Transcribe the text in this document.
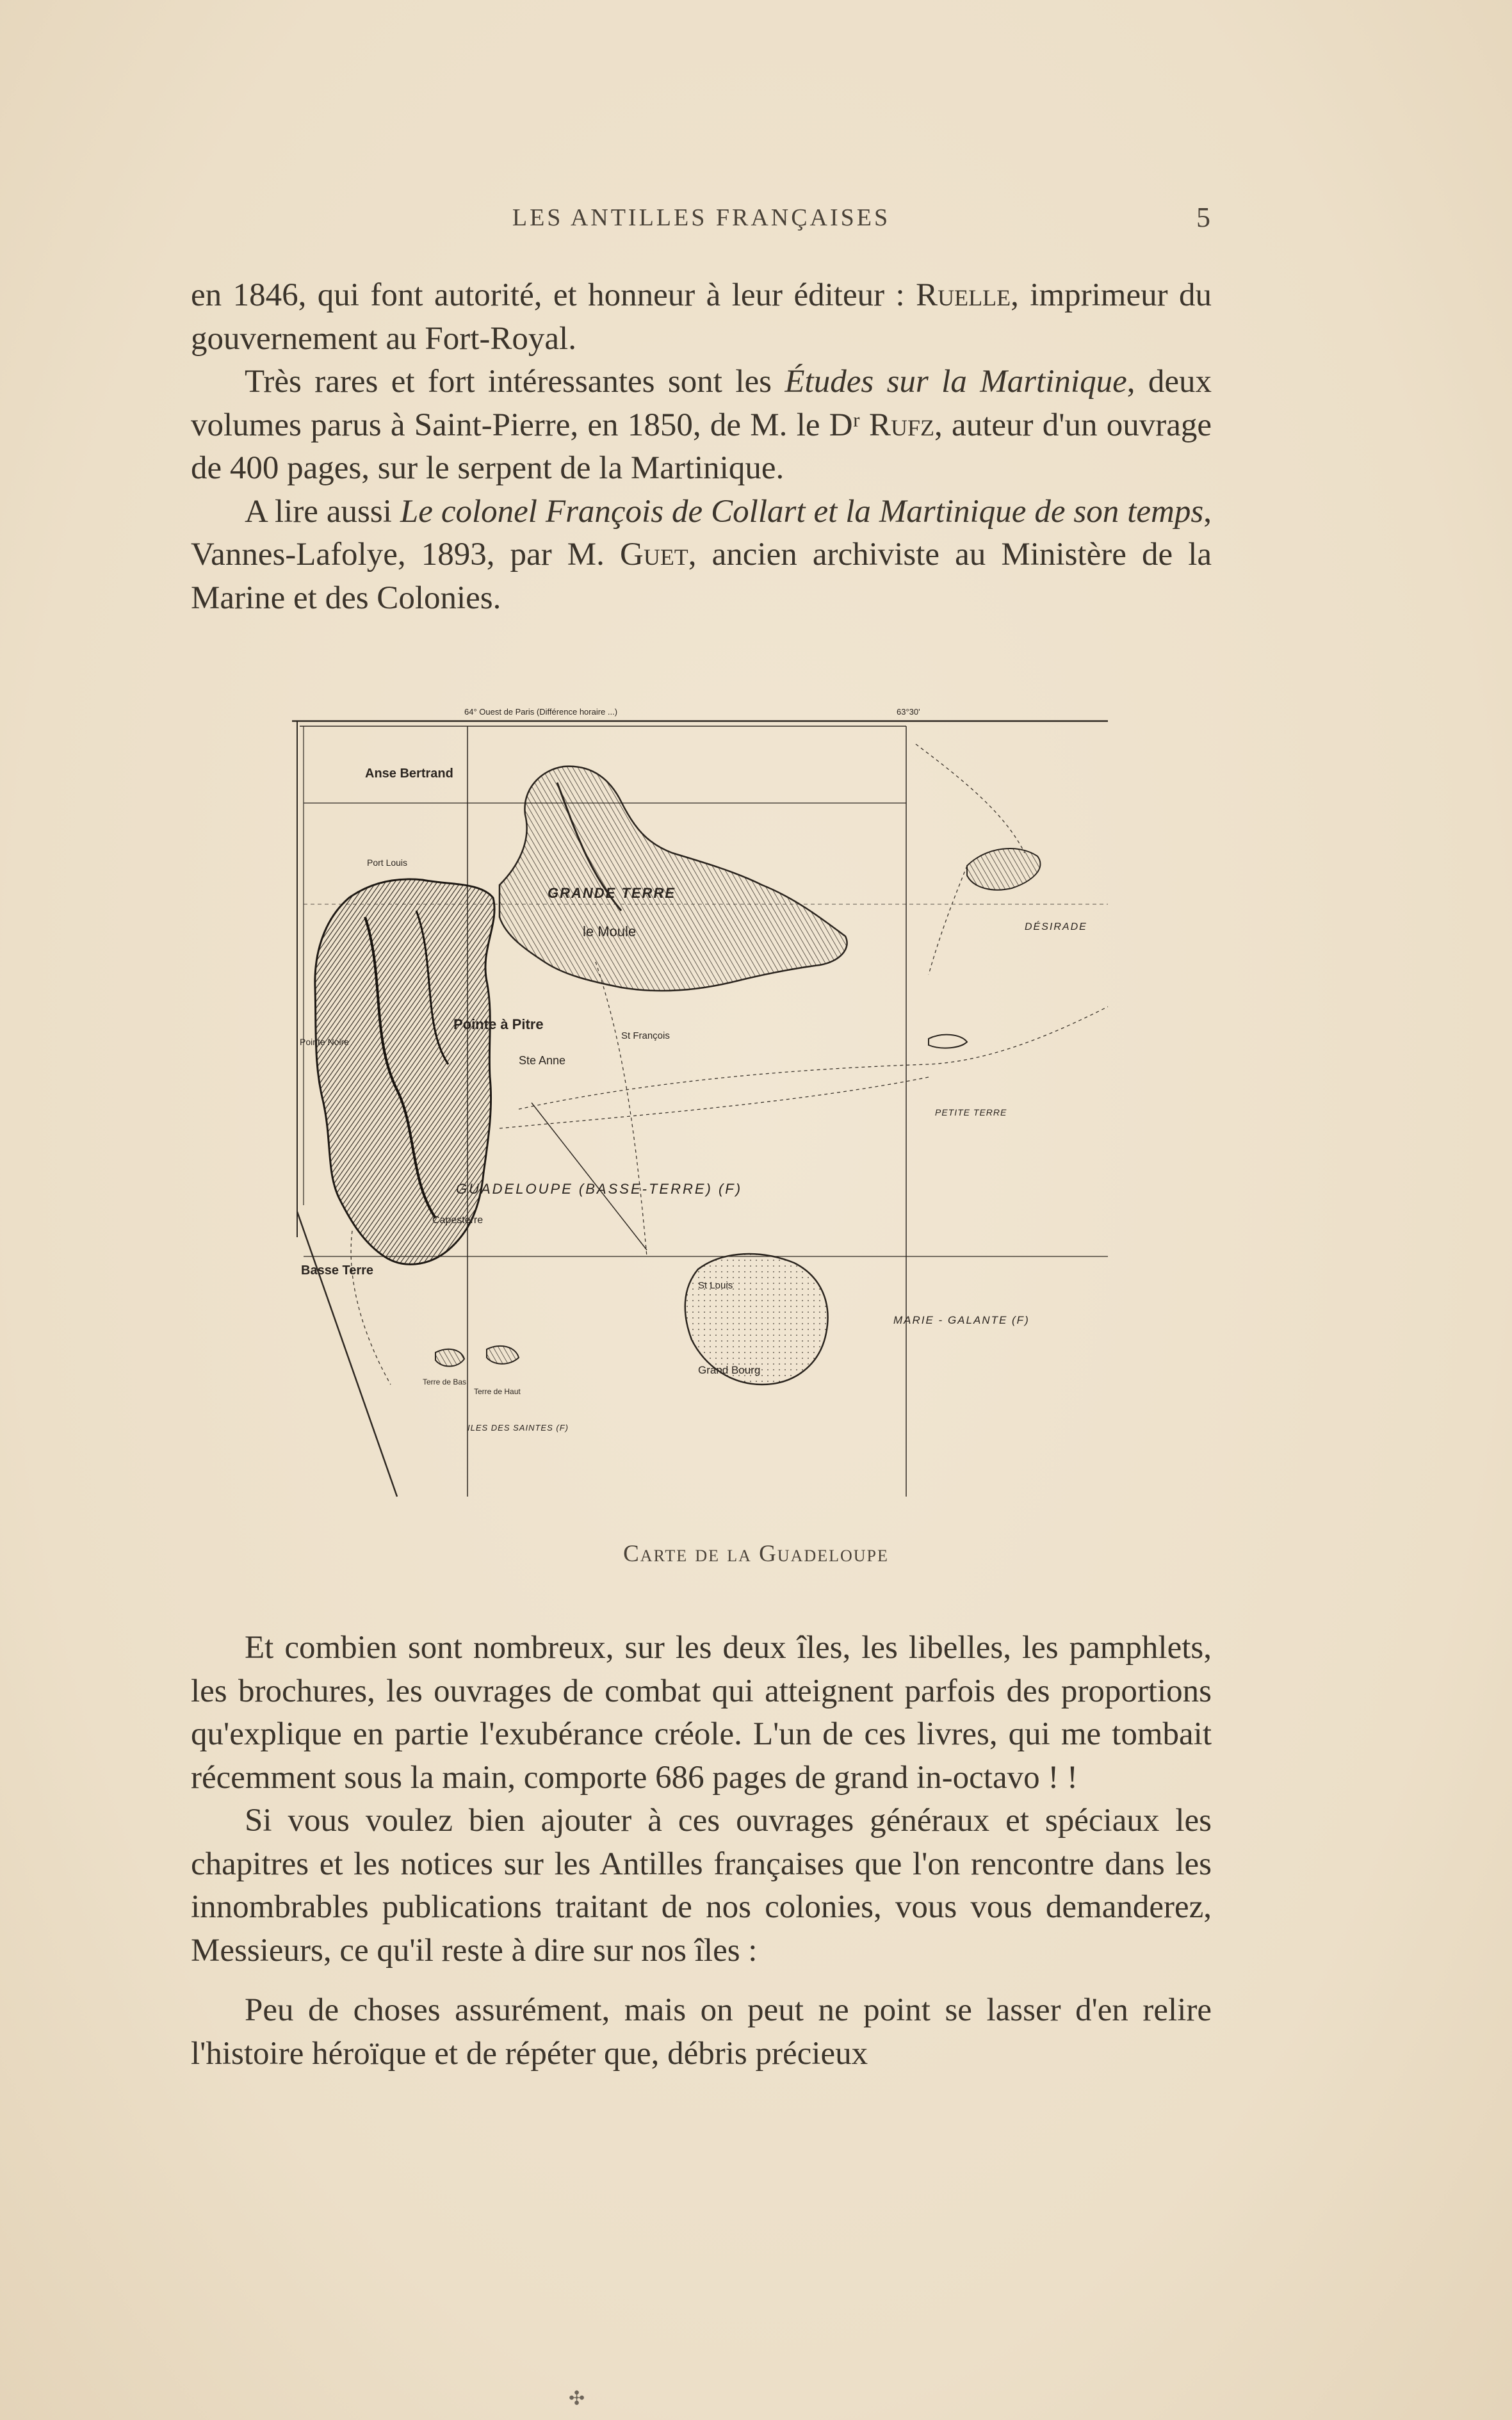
LES ANTILLES FRANÇAISES	5

en 1846, qui font autorité, et honneur à leur éditeur : Ruelle, imprimeur du gouvernement au Fort-Royal.

Très rares et fort intéressantes sont les Études sur la Martinique, deux volumes parus à Saint-Pierre, en 1850, de M. le Dʳ Rufz, auteur d'un ouvrage de 400 pages, sur le serpent de la Martinique.

A lire aussi Le colonel François de Collart et la Martinique de son temps, Vannes-Lafolye, 1893, par M. Guet, ancien archiviste au Ministère de la Marine et des Colonies.

64° Ouest de Paris (Différence horaire ...)	63°30'
Anse Bertrand
Port Louis
GRANDE TERRE
le Moule
Pointe à Pitre
St François
Ste Anne
DÉSIRADE
PETITE TERRE
GUADELOUPE (BASSE-TERRE) (F)
Capesterre
Basse Terre
Pointe Noire
MARIE - GALANTE (F)
St Louis
Grand Bourg
Terre de Bas
Terre de Haut
ILES DES SAINTES (F)
Carte de la Guadeloupe

Et combien sont nombreux, sur les deux îles, les libelles, les pamphlets, les brochures, les ouvrages de combat qui atteignent parfois des proportions qu'explique en partie l'exubérance créole. L'un de ces livres, qui me tombait récemment sous la main, comporte 686 pages de grand in-octavo ! !

Si vous voulez bien ajouter à ces ouvrages généraux et spéciaux les chapitres et les notices sur les Antilles françaises que l'on rencontre dans les innombrables publications traitant de nos colonies, vous vous demanderez, Messieurs, ce qu'il reste à dire sur nos îles :

Peu de choses assurément, mais on peut ne point se lasser d'en relire l'histoire héroïque et de répéter que, débris précieux

✣
